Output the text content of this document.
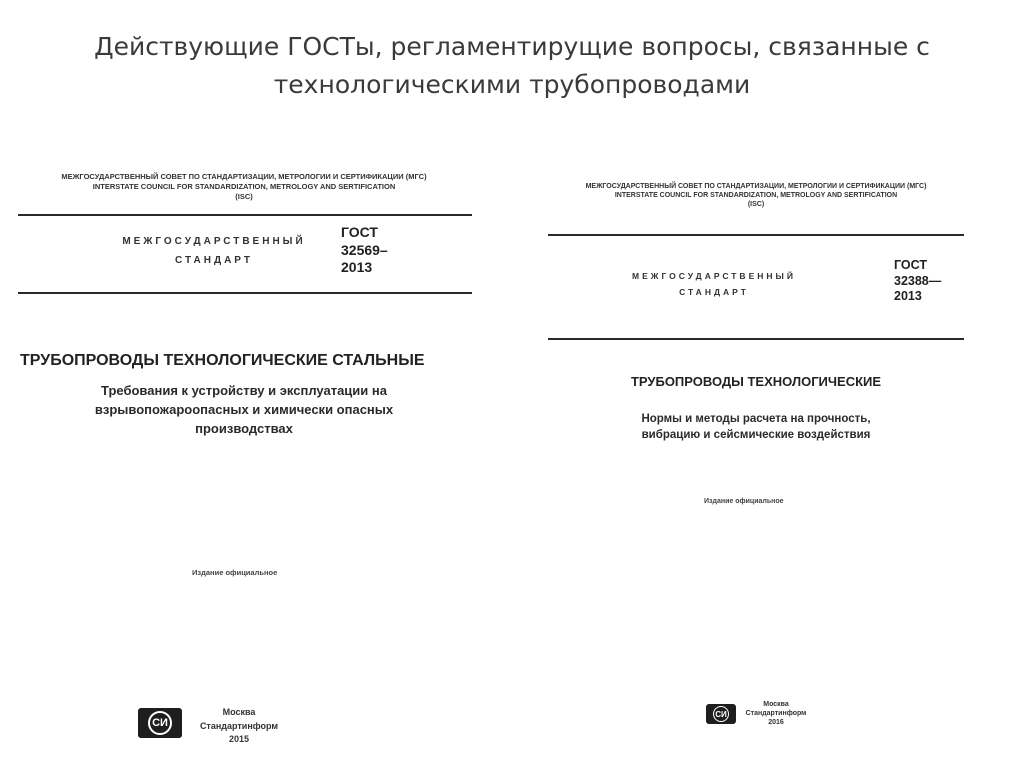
Действующие ГОСТы, регламентирущие вопросы, связанные с
технологическими трубопроводами
МЕЖГОСУДАРСТВЕННЫЙ СОВЕТ ПО СТАНДАРТИЗАЦИИ, МЕТРОЛОГИИ И СЕРТИФИКАЦИИ (МГС)
INTERSTATE COUNCIL FOR STANDARDIZATION, METROLOGY AND SERTIFICATION
(ISC)
МЕЖГОСУДАРСТВЕННЫЙ
СТАНДАРТ
ГОСТ
32569–
2013
ТРУБОПРОВОДЫ ТЕХНОЛОГИЧЕСКИЕ СТАЛЬНЫЕ
Требования к устройству и эксплуатации на
взрывопожароопасных и химически опасных
производствах
Издание официальное
СИ
Москва
Стандартинформ
2015
МЕЖГОСУДАРСТВЕННЫЙ СОВЕТ ПО СТАНДАРТИЗАЦИИ, МЕТРОЛОГИИ И СЕРТИФИКАЦИИ (МГС)
INTERSTATE COUNCIL FOR STANDARDIZATION, METROLOGY AND SERTIFICATION
(ISC)
МЕЖГОСУДАРСТВЕННЫЙ
СТАНДАРТ
ГОСТ
32388—
2013
ТРУБОПРОВОДЫ ТЕХНОЛОГИЧЕСКИЕ
Нормы и методы расчета на прочность,
вибрацию и сейсмические воздействия
Издание официальное
СИ
Москва
Стандартинформ
2016
